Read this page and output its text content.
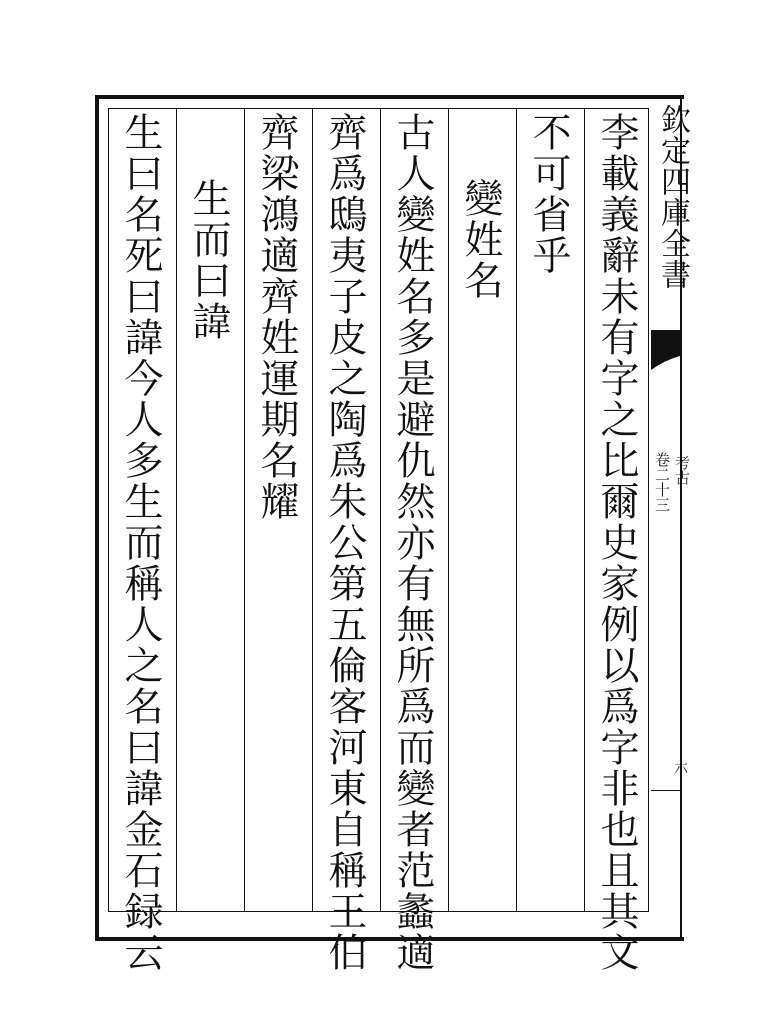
李載義辭未有字之比爾史家例以爲字非也且其文
不可省乎
變姓名
古人變姓名多是避仇然亦有無所爲而變者范蠡適
齊爲鴟夷子皮之陶爲朱公第五倫客河東自稱王伯
齊梁鴻適齊姓運期名耀
生而曰諱
生曰名死曰諱今人多生而稱人之名曰諱金石録云	欽定四庫全書
卷二十三 考古
六
